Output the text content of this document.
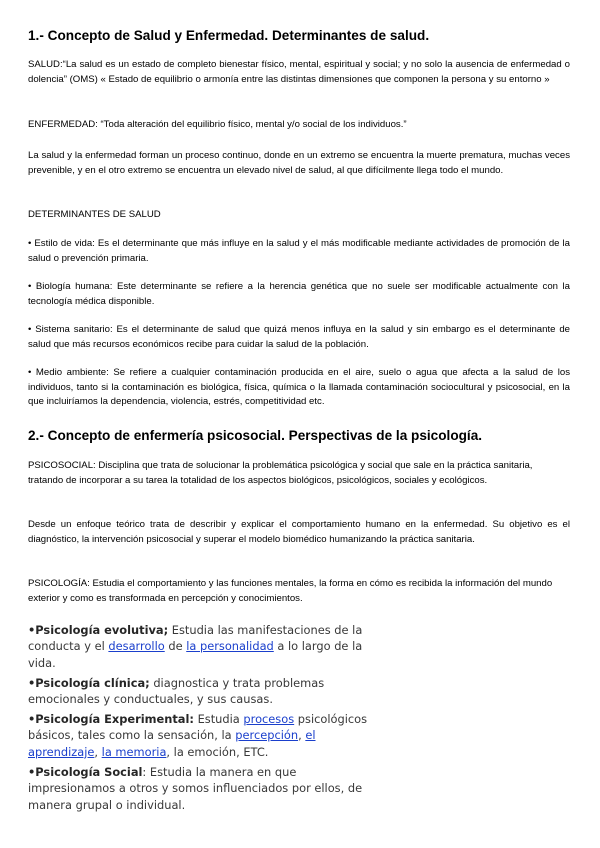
1.- Concepto de Salud y Enfermedad. Determinantes de salud.

SALUD:“La salud es un estado de completo bienestar físico, mental, espiritual y social; y no solo la ausencia de enfermedad o dolencia” (OMS) « Estado de equilibrio o armonía entre las distintas dimensiones que componen la persona y su entorno »

ENFERMEDAD: “Toda alteración del equilibrio físico, mental y/o social de los individuos.”

La salud y la enfermedad forman un proceso continuo, donde en un extremo se encuentra la muerte prematura, muchas veces prevenible, y en el otro extremo se encuentra un elevado nivel de salud, al que difícilmente llega todo el mundo.

DETERMINANTES DE SALUD

• Estilo de vida: Es el determinante que más influye en la salud y el más modificable mediante actividades de promoción de la salud o prevención primaria.

• Biología humana: Este determinante se refiere a la herencia genética que no suele ser modificable actualmente con la tecnología médica disponible.

• Sistema sanitario: Es el determinante de salud que quizá menos influya en la salud y sin embargo es el determinante de salud que más recursos económicos recibe para cuidar la salud de la población.

• Medio ambiente: Se refiere a cualquier contaminación producida en el aire, suelo o agua que afecta a la salud de los individuos, tanto si la contaminación es biológica, física, química o la llamada contaminación sociocultural y psicosocial, en la que incluiríamos la dependencia, violencia, estrés, competitividad etc.

2.- Concepto de enfermería psicosocial. Perspectivas de la psicología.

PSICOSOCIAL: Disciplina que trata de solucionar la problemática psicológica y social que sale en la práctica sanitaria, tratando de incorporar a su tarea la totalidad de los aspectos biológicos, psicológicos, sociales y ecológicos.

Desde un enfoque teórico trata de describir y explicar el comportamiento humano en la enfermedad. Su objetivo es el diagnóstico, la intervención psicosocial y superar el modelo biomédico humanizando la práctica sanitaria.

PSICOLOGÍA: Estudia el comportamiento y las funciones mentales, la forma en cómo es recibida la información del mundo exterior y como es transformada en percepción y conocimientos.

•Psicología evolutiva; Estudia las manifestaciones de la conducta y el desarrollo de la personalidad a lo largo de la vida.

•Psicología clínica; diagnostica y trata problemas emocionales y conductuales, y sus causas.

•Psicología Experimental: Estudia procesos psicológicos básicos, tales como la sensación, la percepción, el aprendizaje, la memoria, la emoción, ETC.

•Psicología Social: Estudia la manera en que impresionamos a otros y somos influenciados por ellos, de manera grupal o individual.
